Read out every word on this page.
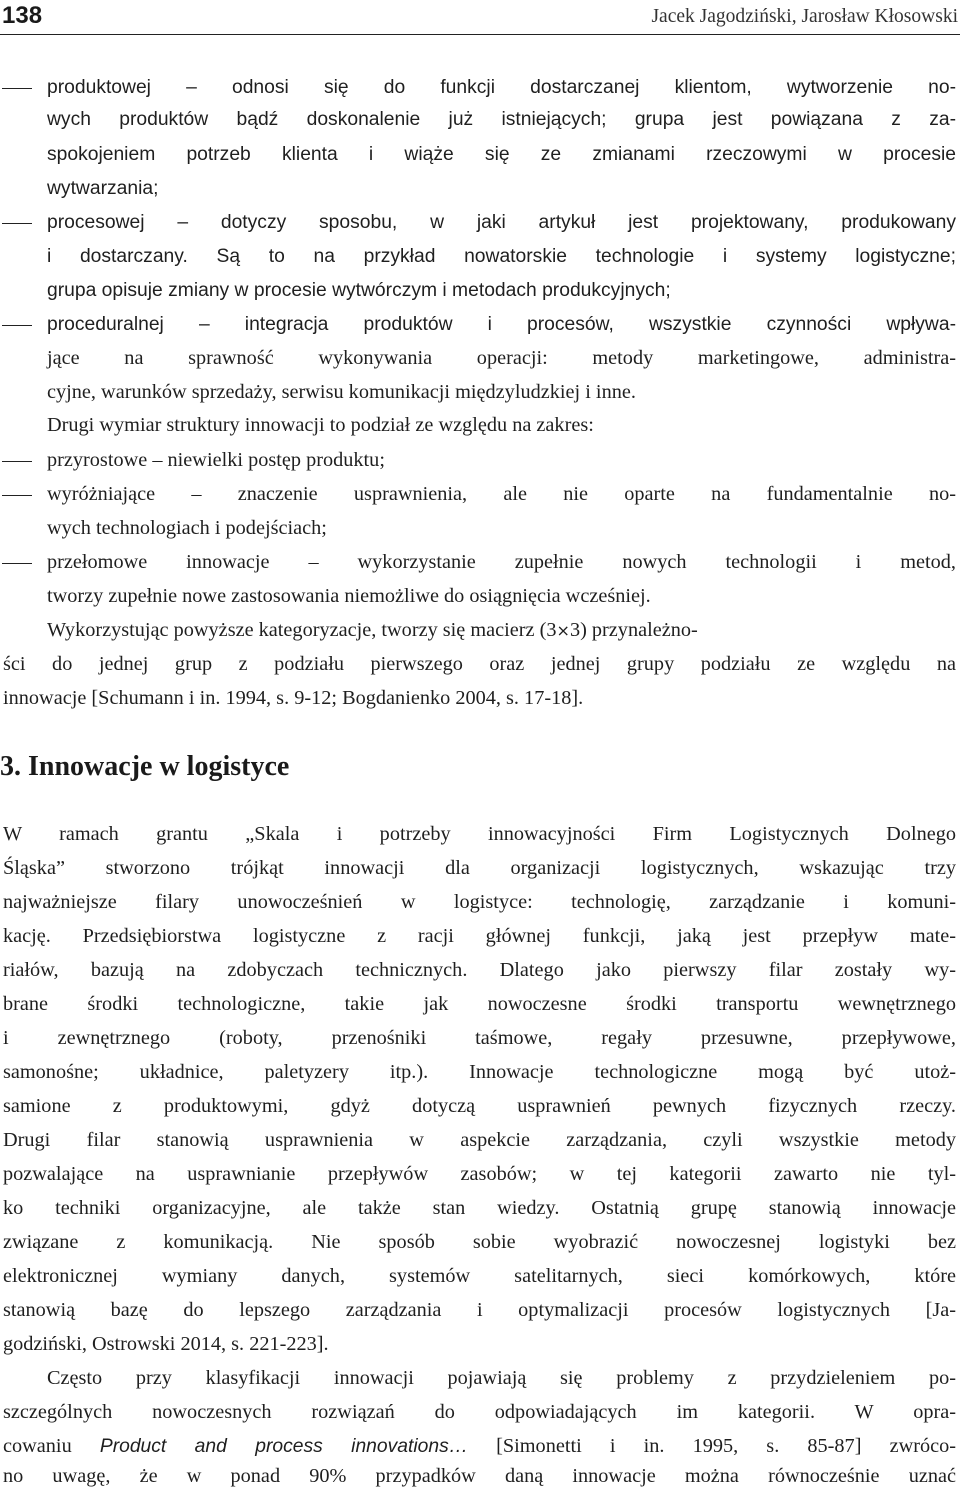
138	Jacek Jagodziński, Jarosław Kłosowski
produktowej – odnosi się do funkcji dostarczanej klientom, wytworzenie no-
wych produktów bądź doskonalenie już istniejących; grupa jest powiązana z za-
spokojeniem potrzeb klienta i wiąże się ze zmianami rzeczowymi w procesie
wytwarzania;
procesowej – dotyczy sposobu, w jaki artykuł jest projektowany, produkowany
i dostarczany. Są to na przykład nowatorskie technologie i systemy logistyczne;
grupa opisuje zmiany w procesie wytwórczym i metodach produkcyjnych;
proceduralnej – integracja produktów i procesów, wszystkie czynności wpływa-
jące na sprawność wykonywania operacji: metody marketingowe, administra-
cyjne, warunków sprzedaży, serwisu komunikacji międzyludzkiej i inne.
Drugi wymiar struktury innowacji to podział ze względu na zakres:
przyrostowe – niewielki postęp produktu;
wyróżniające – znaczenie usprawnienia, ale nie oparte na fundamentalnie no-
wych technologiach i podejściach;
przełomowe innowacje – wykorzystanie zupełnie nowych technologii i metod,
tworzy zupełnie nowe zastosowania niemożliwe do osiągnięcia wcześniej.
Wykorzystując powyższe kategoryzacje, tworzy się macierz (3×3) przynależno-
ści do jednej grup z podziału pierwszego oraz jednej grupy podziału ze względu na
innowacje [Schumann i in. 1994, s. 9-12; Bogdanienko 2004, s. 17-18].
3. Innowacje w logistyce
W ramach grantu „Skala i potrzeby innowacyjności Firm Logistycznych Dolnego
Śląska” stworzono trójkąt innowacji dla organizacji logistycznych, wskazując trzy
najważniejsze filary unowocześnień w logistyce: technologię, zarządzanie i komuni-
kację. Przedsiębiorstwa logistyczne z racji głównej funkcji, jaką jest przepływ mate-
riałów, bazują na zdobyczach technicznych. Dlatego jako pierwszy filar zostały wy-
brane środki technologiczne, takie jak nowoczesne środki transportu wewnętrznego
i zewnętrznego (roboty, przenośniki taśmowe, regały przesuwne, przepływowe,
samonośne; układnice, paletyzery itp.). Innowacje technologiczne mogą być utoż-
samione z produktowymi, gdyż dotyczą usprawnień pewnych fizycznych rzeczy.
Drugi filar stanowią usprawnienia w aspekcie zarządzania, czyli wszystkie metody
pozwalające na usprawnianie przepływów zasobów; w tej kategorii zawarto nie tyl-
ko techniki organizacyjne, ale także stan wiedzy. Ostatnią grupę stanowią innowacje
związane z komunikacją. Nie sposób sobie wyobrazić nowoczesnej logistyki bez
elektronicznej wymiany danych, systemów satelitarnych, sieci komórkowych, które
stanowią bazę do lepszego zarządzania i optymalizacji procesów logistycznych [Ja-
godziński, Ostrowski 2014, s. 221-223].
Często przy klasyfikacji innowacji pojawiają się problemy z przydzieleniem po-
szczególnych nowoczesnych rozwiązań do odpowiadających im kategorii. W opra-
cowaniu Product and process innovations… [Simonetti i in. 1995, s. 85-87] zwróco-
no uwagę, że w ponad 90% przypadków daną innowacje można równocześnie uznać
